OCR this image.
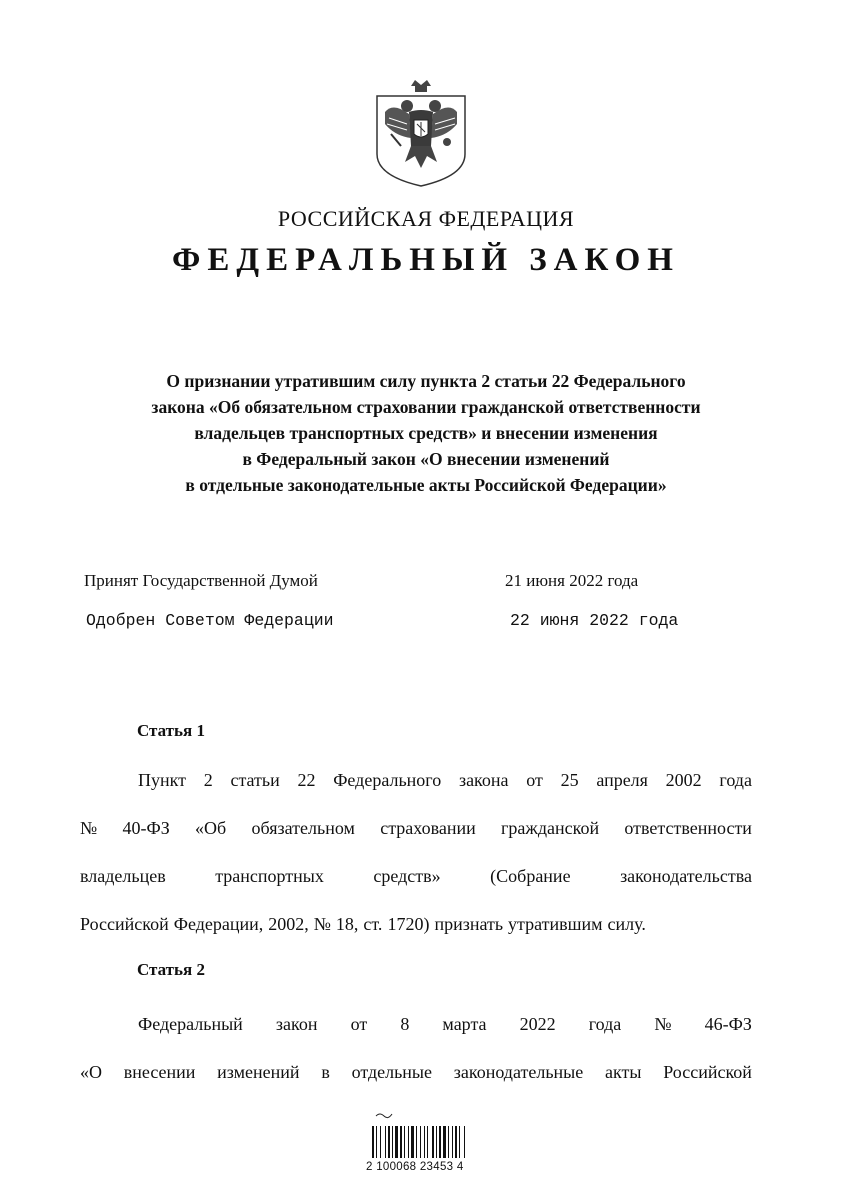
РОССИЙСКАЯ ФЕДЕРАЦИЯ
ФЕДЕРАЛЬНЫЙ ЗАКОН
О признании утратившим силу пункта 2 статьи 22 Федерального
закона «Об обязательном страховании гражданской ответственности
владельцев транспортных средств» и внесении изменения
в Федеральный закон «О внесении изменений
в отдельные законодательные акты Российской Федерации»
Принят Государственной Думой	21 июня 2022 года
Одобрен Советом Федерации	22 июня 2022 года
Статья 1
Пункт 2 статьи 22 Федерального закона от 25 апреля 2002 года
№ 40-ФЗ «Об обязательном страховании гражданской ответственности
владельцев	транспортных	средств»	(Собрание	законодательства
Российской Федерации, 2002, № 18, ст. 1720) признать утратившим силу.
Статья 2
Федеральный закон от 8 марта 2022 года № 46-ФЗ
«О внесении изменений в отдельные законодательные акты Российской
2 100068 23453 4
